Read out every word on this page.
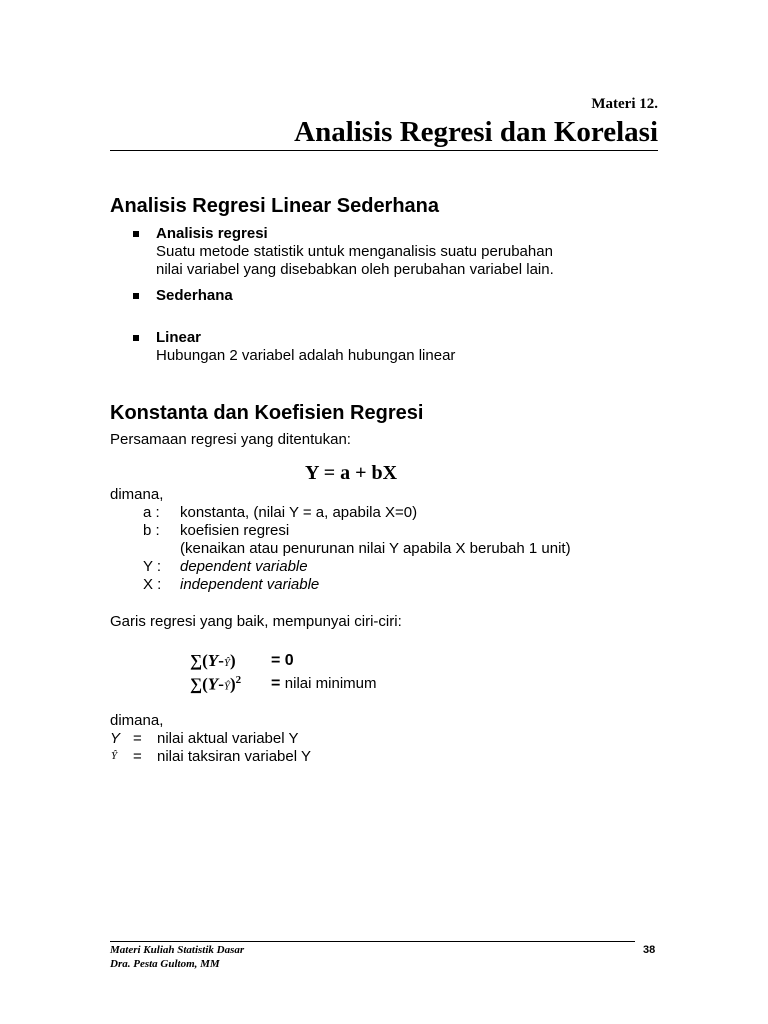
Materi 12.
Analisis Regresi dan Korelasi
Analisis Regresi Linear Sederhana
Analisis regresi
Suatu metode statistik untuk menganalisis suatu perubahan
nilai variabel yang disebabkan oleh perubahan variabel lain.
Sederhana
Linear
Hubungan 2 variabel adalah hubungan linear
Konstanta dan Koefisien Regresi
Persamaan regresi yang ditentukan:
Y = a + bX
dimana,
a : konstanta, (nilai Y = a, apabila X=0)
b : koefisien regresi
(kenaikan atau penurunan nilai Y apabila X berubah 1 unit)
Y : dependent variable
X : independent variable
Garis regresi yang baik, mempunyai ciri-ciri:
∑(Y-Ŷ) = 0
∑(Y-Ŷ)$^2$ = nilai minimum
dimana,
Y = nilai aktual variabel Y
Ŷ = nilai taksiran variabel Y
Materi Kuliah Statistik Dasar
Dra. Pesta Gultom, MM
38
